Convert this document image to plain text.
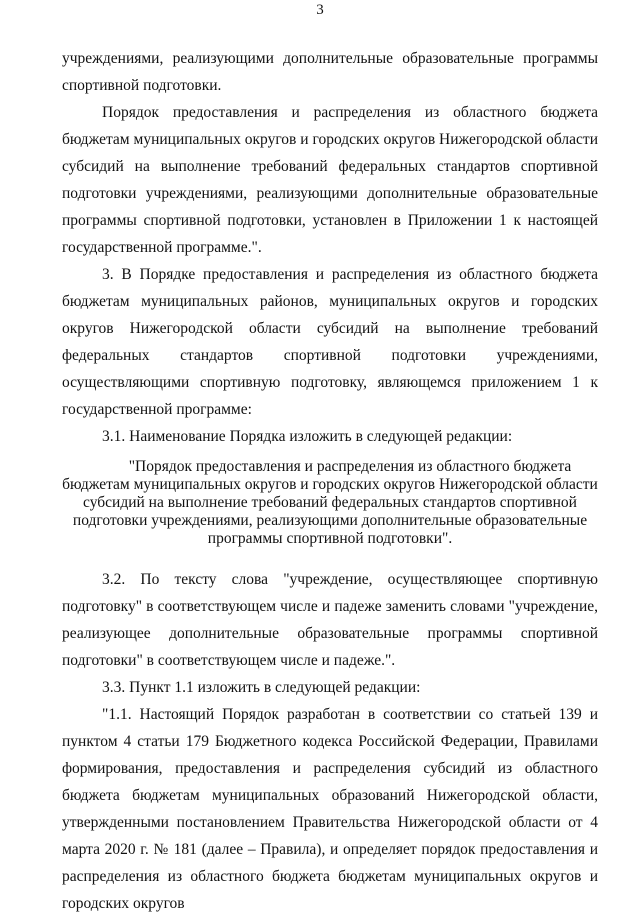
3

учреждениями, реализующими дополнительные образовательные программы спортивной подготовки.

Порядок предоставления и распределения из областного бюджета бюджетам муниципальных округов и городских округов Нижегородской области субсидий на выполнение требований федеральных стандартов спортивной подготовки учреждениями, реализующими дополнительные образовательные программы спортивной подготовки, установлен в Приложении 1 к настоящей государственной программе.".

3. В Порядке предоставления и распределения из областного бюджета бюджетам муниципальных районов, муниципальных округов и городских округов Нижегородской области субсидий на выполнение требований федеральных стандартов спортивной подготовки учреждениями, осуществляющими спортивную подготовку, являющемся приложением 1 к государственной программе:

3.1. Наименование Порядка изложить в следующей редакции:

"Порядок предоставления и распределения из областного бюджета бюджетам муниципальных округов и городских округов Нижегородской области субсидий на выполнение требований федеральных стандартов спортивной подготовки учреждениями, реализующими дополнительные образовательные программы спортивной подготовки".

3.2. По тексту слова "учреждение, осуществляющее спортивную подготовку" в соответствующем числе и падеже заменить словами "учреждение, реализующее дополнительные образовательные программы спортивной подготовки" в соответствующем числе и падеже.".

3.3. Пункт 1.1 изложить в следующей редакции:

"1.1. Настоящий Порядок разработан в соответствии со статьей 139 и пунктом 4 статьи 179 Бюджетного кодекса Российской Федерации, Правилами формирования, предоставления и распределения субсидий из областного бюджета бюджетам муниципальных образований Нижегородской области, утвержденными постановлением Правительства Нижегородской области от 4 марта 2020 г. № 181 (далее – Правила), и определяет порядок предоставления и распределения из областного бюджета бюджетам муниципальных округов и городских округов
